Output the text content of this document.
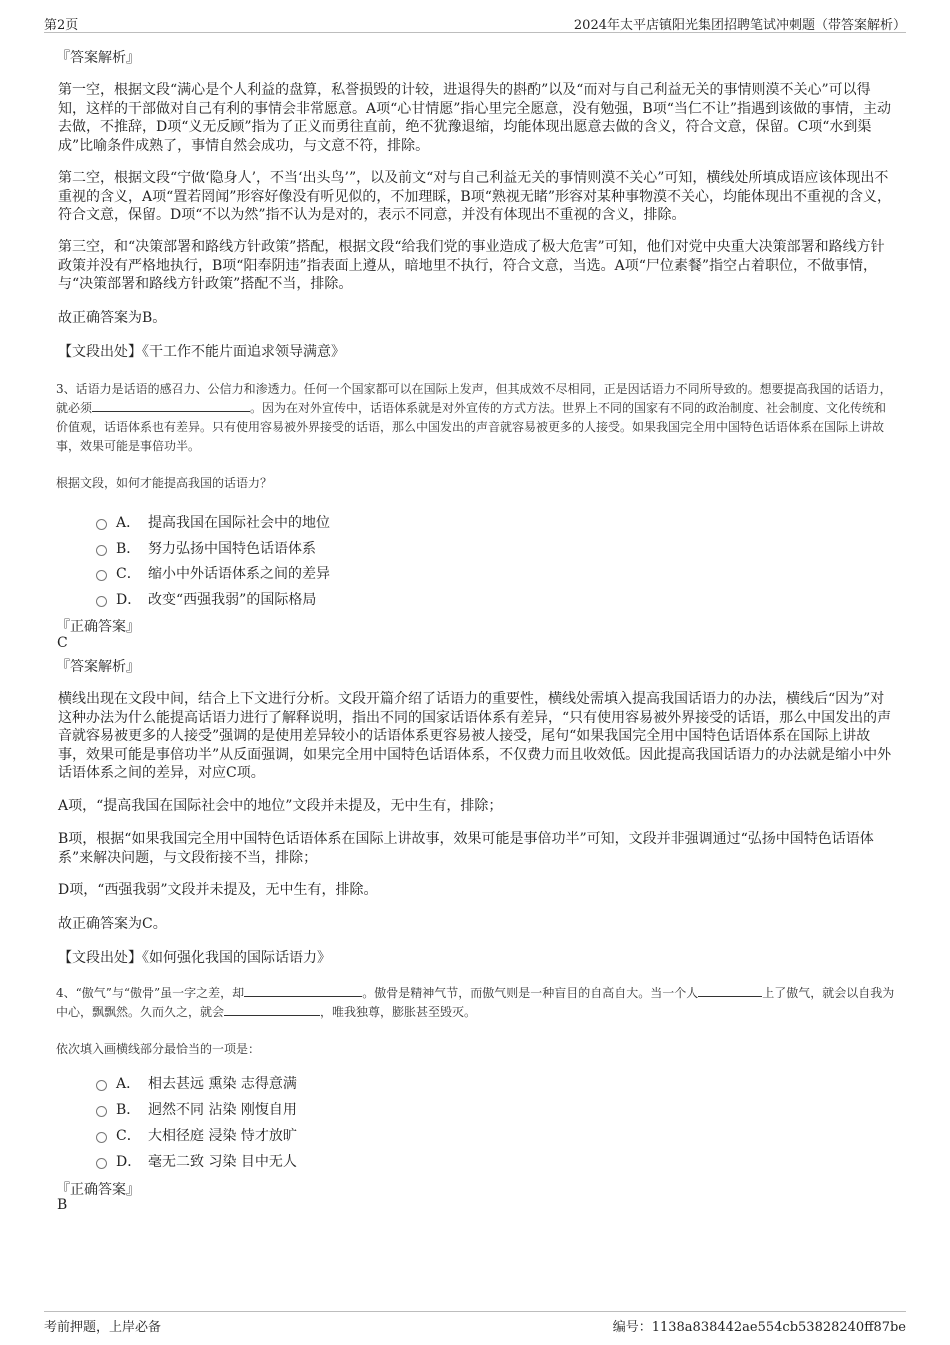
第2页	2024年太平店镇阳光集团招聘笔试冲刺题（带答案解析）
『答案解析』

第一空，根据文段“满心是个人利益的盘算，私誉损毁的计较，进退得失的斟酌”以及“而对与自己利益无关的事情则漠不关心”可以得知，这样的干部做对自己有利的事情会非常愿意。A项“心甘情愿”指心里完全愿意，没有勉强，B项“当仁不让”指遇到该做的事情，主动去做，不推辞，D项“义无反顾”指为了正义而勇往直前，绝不犹豫退缩，均能体现出愿意去做的含义，符合文意，保留。C项“水到渠成”比喻条件成熟了，事情自然会成功，与文意不符，排除。

第二空，根据文段“宁做‘隐身人’，不当‘出头鸟’”，以及前文“对与自己利益无关的事情则漠不关心”可知，横线处所填成语应该体现出不重视的含义，A项“置若罔闻”形容好像没有听见似的，不加理睬，B项“熟视无睹”形容对某种事物漠不关心，均能体现出不重视的含义，符合文意，保留。D项“不以为然”指不认为是对的，表示不同意，并没有体现出不重视的含义，排除。

第三空，和“决策部署和路线方针政策”搭配，根据文段“给我们党的事业造成了极大危害”可知，他们对党中央重大决策部署和路线方针政策并没有严格地执行，B项“阳奉阴违”指表面上遵从，暗地里不执行，符合文意，当选。A项“尸位素餐”指空占着职位，不做事情，与“决策部署和路线方针政策”搭配不当，排除。

故正确答案为B。

【文段出处】《干工作不能片面追求领导满意》

3、话语力是话语的感召力、公信力和渗透力。任何一个国家都可以在国际上发声，但其成效不尽相同，正是因话语力不同所导致的。想要提高我国的话语力，就必须	。因为在对外宣传中，话语体系就是对外宣传的方式方法。世界上不同的国家有不同的政治制度、社会制度、文化传统和价值观，话语体系也有差异。只有使用容易被外界接受的话语，那么中国发出的声音就容易被更多的人接受。如果我国完全用中国特色话语体系在国际上讲故事，效果可能是事倍功半。

根据文段，如何才能提高我国的话语力？

A． 提高我国在国际社会中的地位
B． 努力弘扬中国特色话语体系
C． 缩小中外话语体系之间的差异
D． 改变“西强我弱”的国际格局
『正确答案』
C
『答案解析』

横线出现在文段中间，结合上下文进行分析。文段开篇介绍了话语力的重要性，横线处需填入提高我国话语力的办法，横线后“因为”对这种办法为什么能提高话语力进行了解释说明，指出不同的国家话语体系有差异，“只有使用容易被外界接受的话语，那么中国发出的声音就容易被更多的人接受”强调的是使用差异较小的话语体系更容易被人接受，尾句“如果我国完全用中国特色话语体系在国际上讲故事，效果可能是事倍功半”从反面强调，如果完全用中国特色话语体系，不仅费力而且收效低。因此提高我国话语力的办法就是缩小中外话语体系之间的差异，对应C项。

A项，“提高我国在国际社会中的地位”文段并未提及，无中生有，排除；

B项，根据“如果我国完全用中国特色话语体系在国际上讲故事，效果可能是事倍功半”可知，文段并非强调通过“弘扬中国特色话语体系”来解决问题，与文段衔接不当，排除；

D项，“西强我弱”文段并未提及，无中生有，排除。

故正确答案为C。

【文段出处】《如何强化我国的国际话语力》

4、“傲气”与“傲骨”虽一字之差，却	。傲骨是精神气节，而傲气则是一种盲目的自高自大。当一个人	上了傲气，就会以自我为中心，飘飘然。久而久之，就会	，唯我独尊，膨胀甚至毁灭。

依次填入画横线部分最恰当的一项是：

A． 相去甚远 熏染 志得意满
B． 迥然不同 沾染 刚愎自用
C． 大相径庭 浸染 恃才放旷
D． 毫无二致 习染 目中无人
『正确答案』
B
考前押题，上岸必备	编号：1138a838442ae554cb53828240ff87be
